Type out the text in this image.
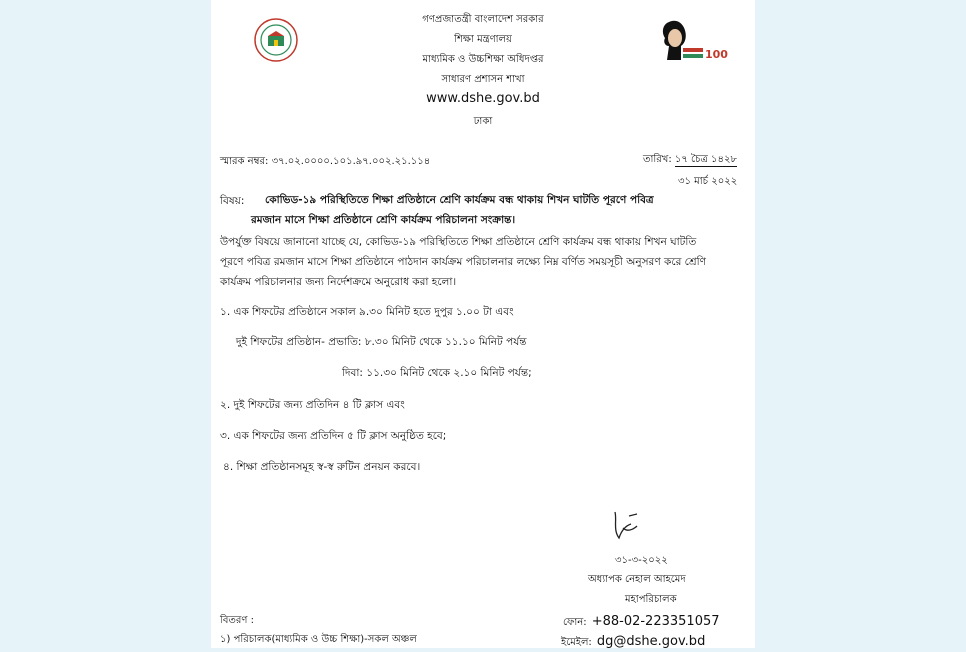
100
গণপ্রজাতন্ত্রী বাংলাদেশ সরকার
শিক্ষা মন্ত্রণালয়
মাধ্যমিক ও উচ্চশিক্ষা অধিদপ্তর
সাধারণ প্রশাসন শাখা
www.dshe.gov.bd
ঢাকা
স্মারক নম্বর: ৩৭.০২.০০০০.১০১.৯৭.০০২.২১.১১৪	তারিখ: ১৭ চৈত্র ১৪২৮
৩১ মার্চ ২০২২
বিষয়: কোভিড-১৯ পরিস্থিতিতে শিক্ষা প্রতিষ্ঠানে শ্রেণি কার্যক্রম বন্ধ থাকায় শিখন ঘাটতি পূরণে পবিত্র
রমজান মাসে শিক্ষা প্রতিষ্ঠানে শ্রেণি কার্যক্রম পরিচালনা সংক্রান্ত।
উপর্যুক্ত বিষয়ে জানানো যাচ্ছে যে, কোভিড-১৯ পরিস্থিতিতে শিক্ষা প্রতিষ্ঠানে শ্রেণি কার্যক্রম বন্ধ থাকায় শিখন ঘাটতি
পূরণে পবিত্র রমজান মাসে শিক্ষা প্রতিষ্ঠানে পাঠদান কার্যক্রম পরিচালনার লক্ষ্যে নিম্ন বর্ণিত সময়সূচী অনুসরণ করে শ্রেণি
কার্যক্রম পরিচালনার জন্য নির্দেশক্রমে অনুরোধ করা হলো।
১. এক শিফটের প্রতিষ্ঠানে সকাল ৯.৩০ মিনিট হতে দুপুর ১.০০ টা এবং
দুই শিফটের প্রতিষ্ঠান- প্রভাতি: ৮.৩০ মিনিট থেকে ১১.১০ মিনিট পর্যন্ত
দিবা: ১১.৩০ মিনিট থেকে ২.১০ মিনিট পর্যন্ত;
২. দুই শিফটের জন্য প্রতিদিন ৪ টি ক্লাস এবং
৩. এক শিফটের জন্য প্রতিদিন ৫ টি ক্লাস অনুষ্ঠিত হবে;
৪. শিক্ষা প্রতিষ্ঠানসমূহ স্ব-স্ব রুটিন প্রনয়ন করবে।
৩১-৩-২০২২
অধ্যাপক নেহাল আহমেদ
মহাপরিচালক
ফোন: +88-02-223351057
ইমেইল: dg@dshe.gov.bd
বিতরণ :
১) পরিচালক(মাধ্যমিক ও উচ্চ শিক্ষা)-সকল অঞ্চল
